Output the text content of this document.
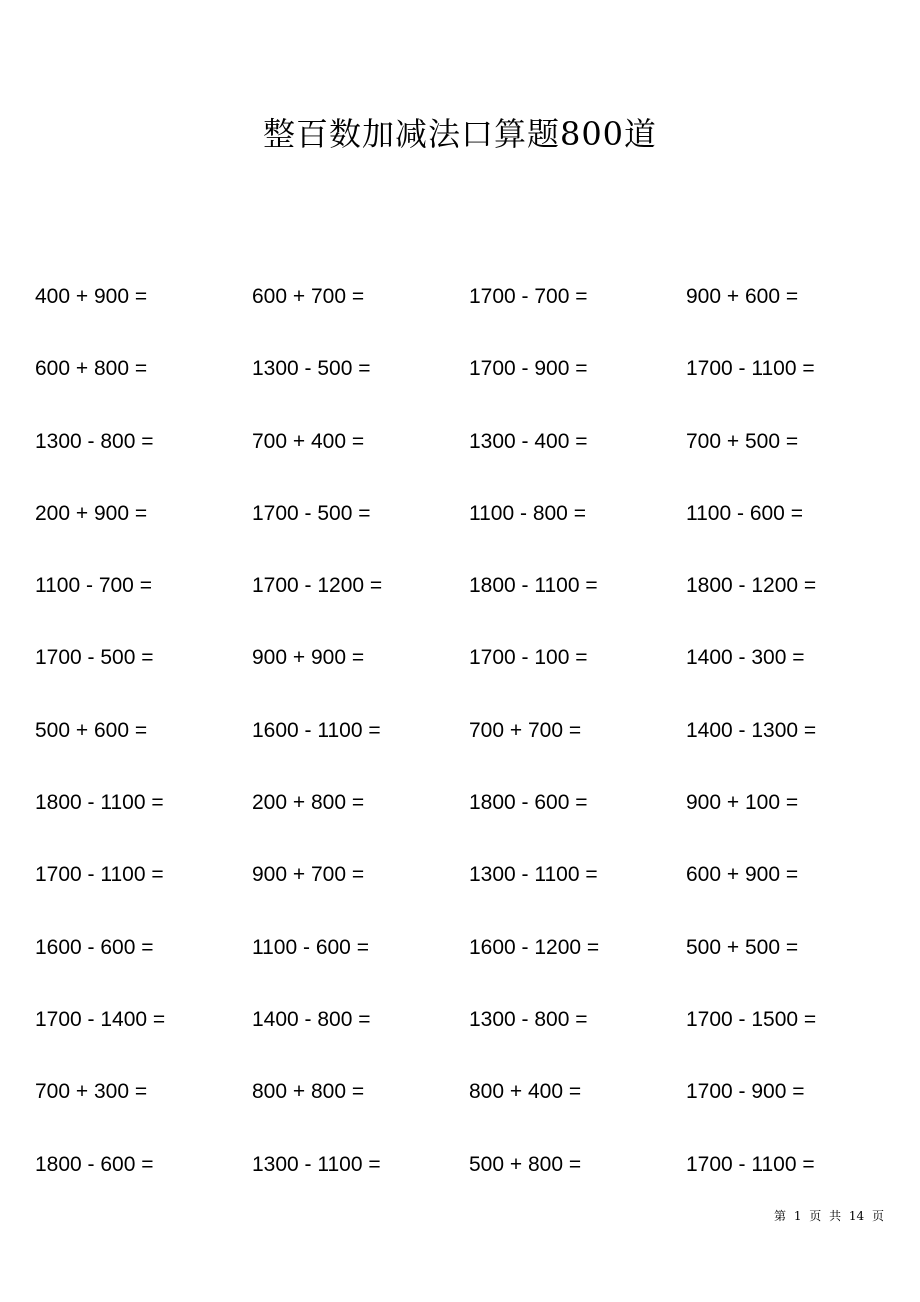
整百数加减法口算题800道
400 + 900 =	600 + 700 =	1700 - 700 =	900 + 600 =
600 + 800 =	1300 - 500 =	1700 - 900 =	1700 - 1100 =
1300 - 800 =	700 + 400 =	1300 - 400 =	700 + 500 =
200 + 900 =	1700 - 500 =	1100 - 800 =	1100 - 600 =
1100 - 700 =	1700 - 1200 =	1800 - 1100 =	1800 - 1200 =
1700 - 500 =	900 + 900 =	1700 - 100 =	1400 - 300 =
500 + 600 =	1600 - 1100 =	700 + 700 =	1400 - 1300 =
1800 - 1100 =	200 + 800 =	1800 - 600 =	900 + 100 =
1700 - 1100 =	900 + 700 =	1300 - 1100 =	600 + 900 =
1600 - 600 =	1100 - 600 =	1600 - 1200 =	500 + 500 =
1700 - 1400 =	1400 - 800 =	1300 - 800 =	1700 - 1500 =
700 + 300 =	800 + 800 =	800 + 400 =	1700 - 900 =
1800 - 600 =	1300 - 1100 =	500 + 800 =	1700 - 1100 =
第 1 页 共 14 页
